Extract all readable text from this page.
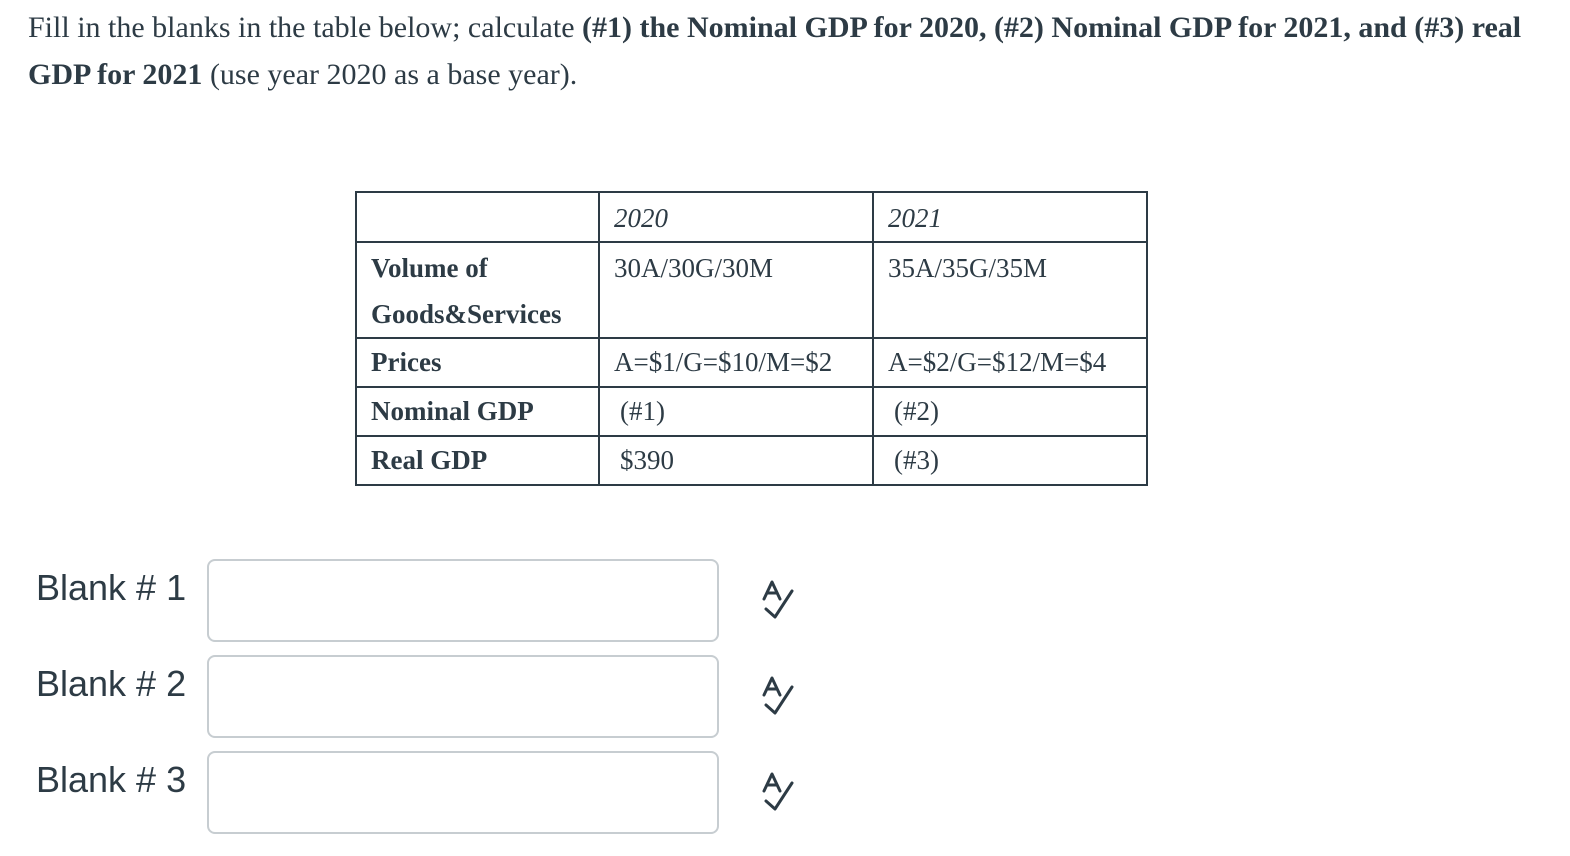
Fill in the blanks in the table below; calculate (#1) the Nominal GDP for 2020, (#2) Nominal GDP for 2021, and (#3) real GDP for 2021 (use year 2020 as a base year).
	2020	2021
Volume of
Goods&Services	30A/30G/30M	35A/35G/35M
Prices	A=$1/G=$10/M=$2	A=$2/G=$12/M=$4
Nominal GDP	(#1)	(#2)
Real GDP	$390	(#3)
Blank # 1
Blank # 2
Blank # 3
